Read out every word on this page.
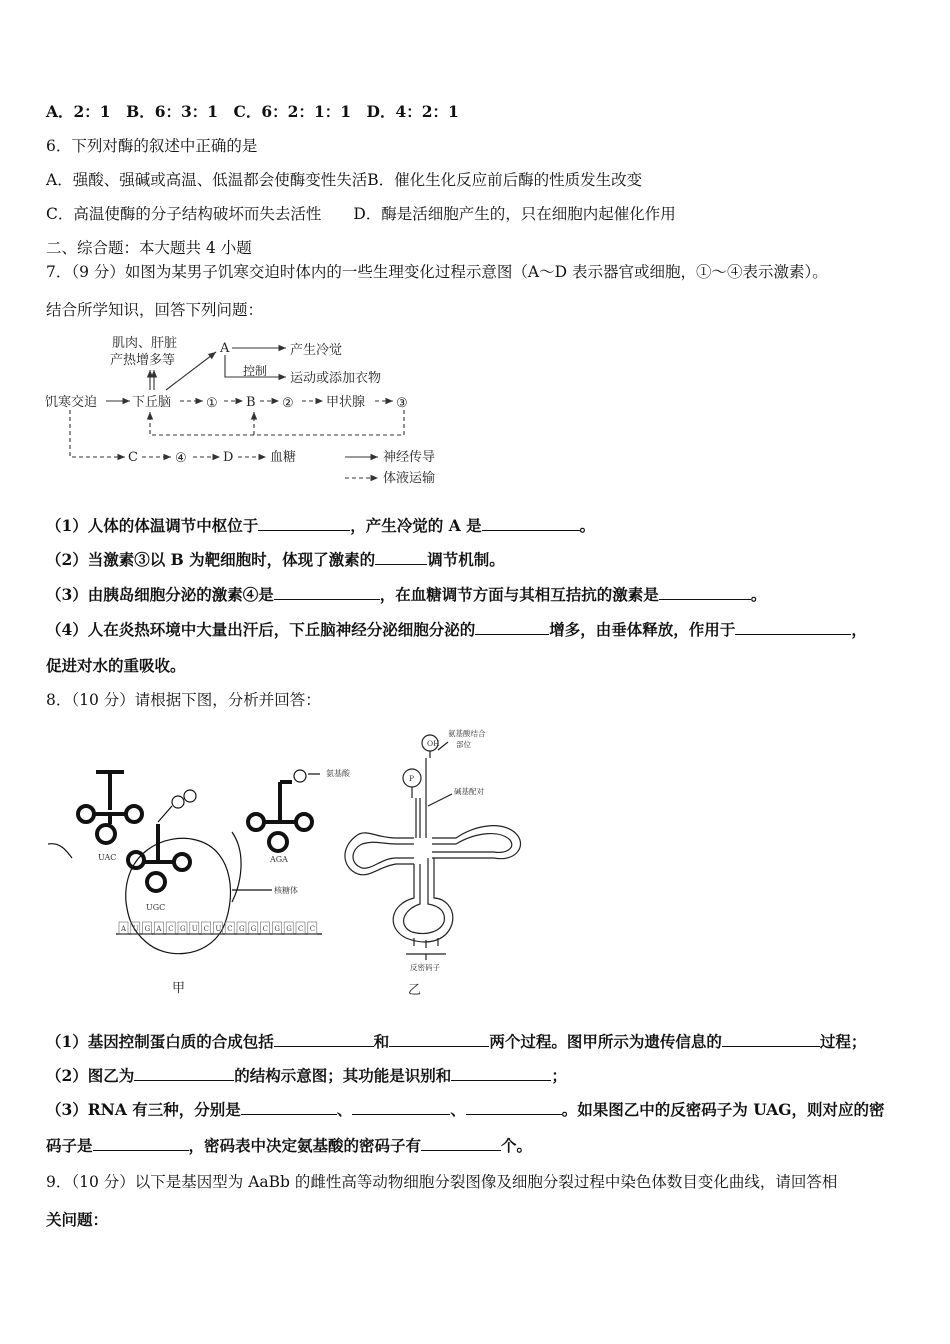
A．2：1　B．6：3：1　C．6：2：1：1　D．4：2：1
6．下列对酶的叙述中正确的是
A．强酸、强碱或高温、低温都会使酶变性失活B．催化生化反应前后酶的性质发生改变
C．高温使酶的分子结构破坏而失去活性 D．酶是活细胞产生的，只在细胞内起催化作用
二、综合题：本大题共 4 小题
7．（9 分）如图为某男子饥寒交迫时体内的一些生理变化过程示意图（A～D 表示器官或细胞，①～④表示激素）。
结合所学知识，回答下列问题：
肌肉、肝脏
产热增多等
A	产生冷觉
控制 运动或添加衣物
饥寒交迫	下丘脑	① B ② 甲状腺 ③
C	④	D	血糖	神经传导
体液运输
（1）人体的体温调节中枢位于	，产生冷觉的 A 是	。
（2）当激素③以 B 为靶细胞时，体现了激素的	调节机制。
（3）由胰岛细胞分泌的激素④是	，在血糖调节方面与其相互拮抗的激素是	。
（4）人在炎热环境中大量出汗后，下丘脑神经分泌细胞分泌的	增多，由垂体释放，作用于	，
促进对水的重吸收。
8．（10 分）请根据下图，分析并回答：
氨基酸
核糖体
UAC
UGC
AGA
A U G A C G U C U C G G C G G C C
甲
OH
P
氨基酸结合
部位
碱基配对
反密码子
乙
（1）基因控制蛋白质的合成包括	和	两个过程。图甲所示为遗传信息的	过程；
（2）图乙为	的结构示意图；其功能是识别和	；
（3）RNA 有三种，分别是	、	、	。如果图乙中的反密码子为 UAG，则对应的密
码子是	，密码表中决定氨基酸的密码子有	个。
9．（10 分）以下是基因型为 AaBb 的雌性高等动物细胞分裂图像及细胞分裂过程中染色体数目变化曲线，请回答相
关问题：
